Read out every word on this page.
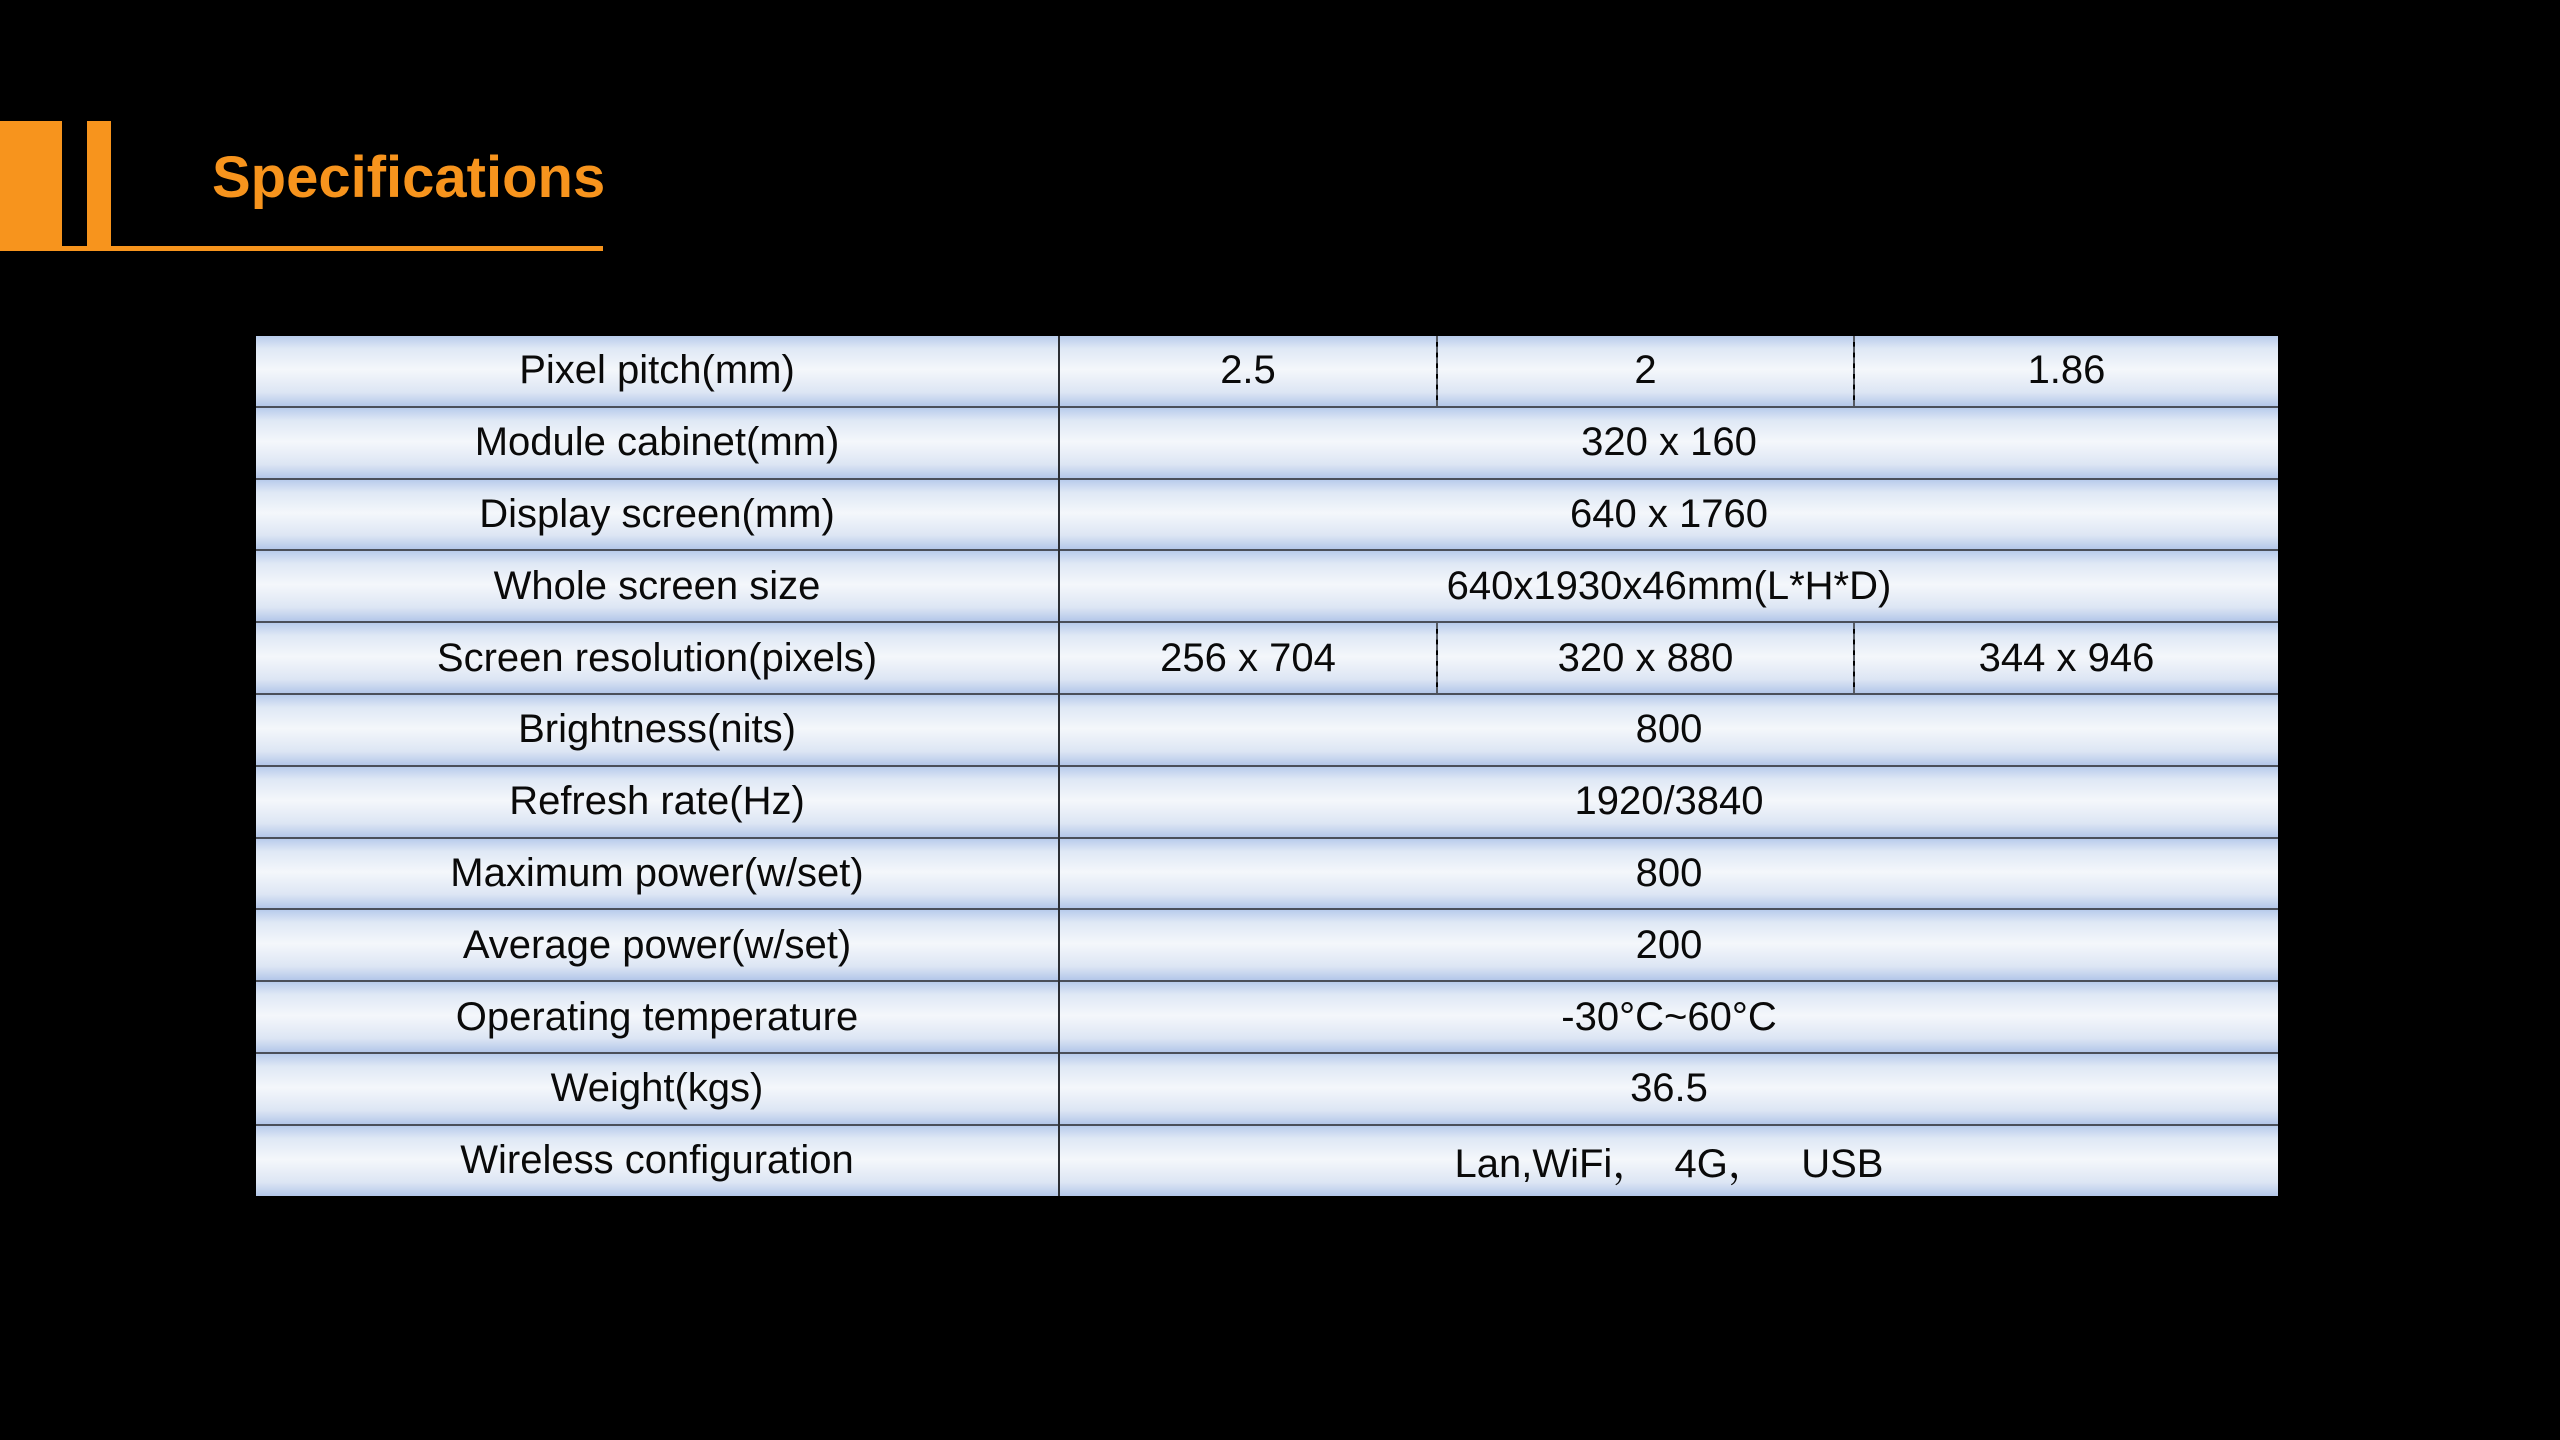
Specifications
Pixel pitch(mm)	2.5	2	1.86
Module cabinet(mm)	320 x 160		
Display screen(mm)	640 x 1760		
Whole screen size	640x1930x46mm(L*H*D)		
Screen resolution(pixels)	256 x 704	320 x 880	344 x 946
Brightness(nits)	800		
Refresh rate(Hz)	1920/3840		
Maximum power(w/set)	800		
Average power(w/set)	200		
Operating temperature	-30°C~60°C		
Weight(kgs)	36.5		
Wireless configuration	Lan,WiFi，  4G，   USB		
